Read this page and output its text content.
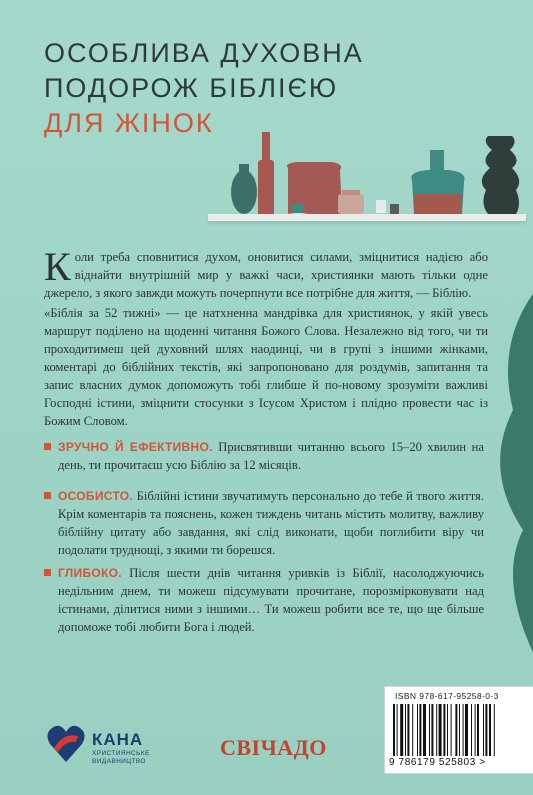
ОСОБЛИВА ДУХОВНА
ПОДОРОЖ БІБЛІЄЮ
ДЛЯ ЖІНОК
Коли треба сповнитися духом, оновитися силами, зміцнитися надією або віднайти внутрішній мир у важкі часи, християнки мають тільки одне джерело, з якого завжди можуть почерпнути все потрібне для життя, — Біблію.
«Біблія за 52 тижні» — це натхненна мандрівка для християнок, у якій увесь маршрут поділено на щоденні читання Божого Слова. Незалежно від того, чи ти проходитимеш цей духовний шлях наодинці, чи в групі з іншими жінками, коментарі до біблійних текстів, які запропоновано для роздумів, запитання та запис власних думок допоможуть тобі глибше й по-новому зрозуміти важливі Господні істини, зміцнити стосунки з Ісусом Христом і плідно провести час із Божим Словом.
ЗРУЧНО Й ЕФЕКТИВНО. Присвятивши читанню всього 15–20 хвилин на день, ти прочитаєш усю Біблію за 12 місяців.
ОСОБИСТО. Біблійні істини звучатимуть персонально до тебе й твого життя. Крім коментарів та пояснень, кожен тиждень читань містить молитву, важливу біблійну цитату або завдання, які слід виконати, щоби поглибити віру чи подолати труднощі, з якими ти борешся.
ГЛИБОКО. Після шести днів читання уривків із Біблії, насолоджуючись недільним днем, ти можеш підсумувати прочитане, порозмірковувати над істинами, ділитися ними з іншими… Ти можеш робити все те, що ще більше допоможе тобі любити Бога і людей.
КАНА
ХРИСТИЯНСЬКЕ ВИДАВНИЦТВО
СВІЧАДО
ISBN 978-617-95258-0-3
9 786179 525803 >
